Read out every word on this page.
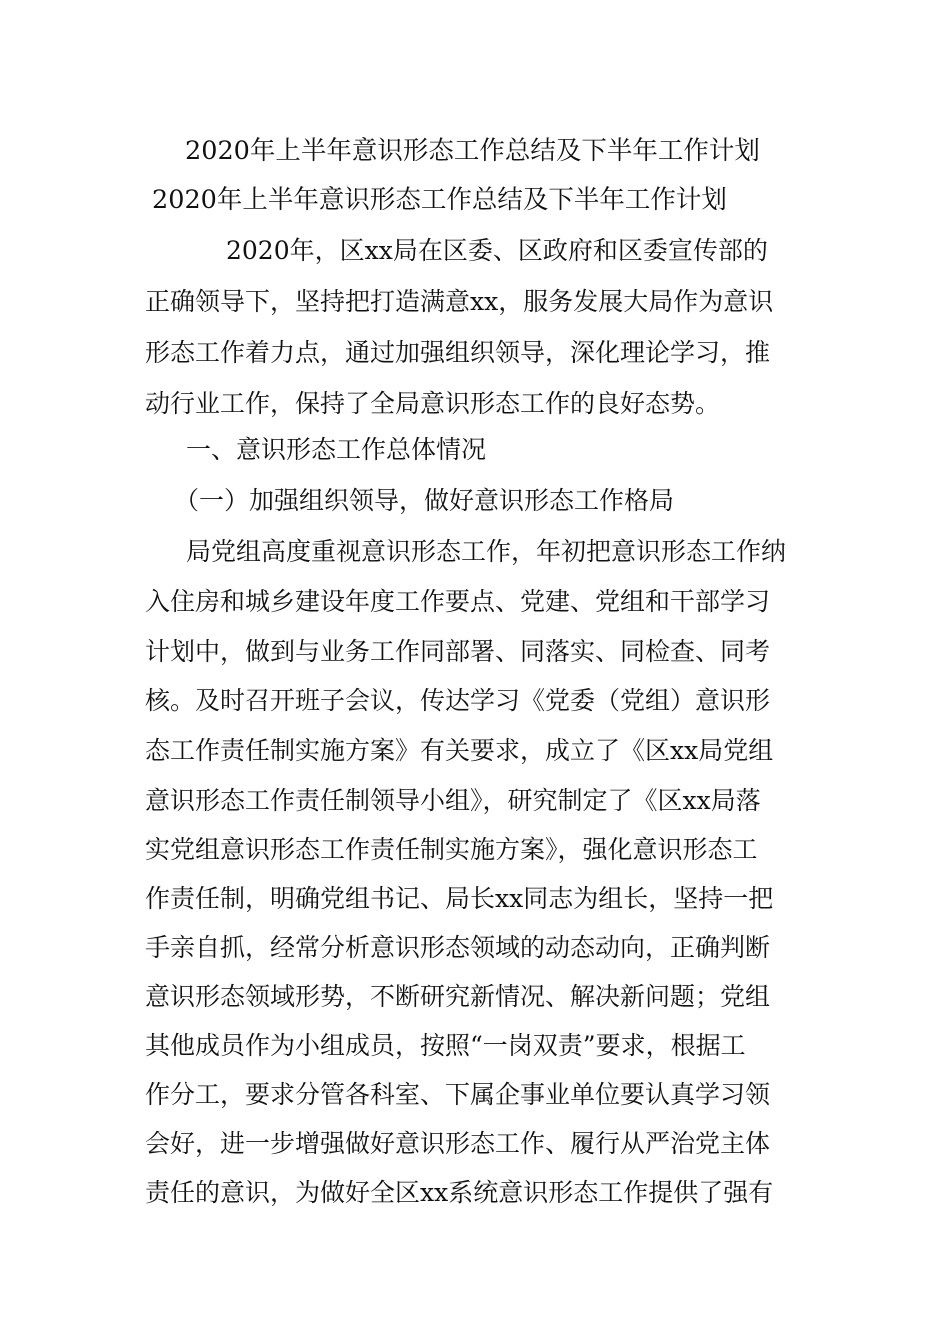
2020年上半年意识形态工作总结及下半年工作计划
2020年上半年意识形态工作总结及下半年工作计划
2020年，区xx局在区委、区政府和区委宣传部的
正确领导下，坚持把打造满意xx，服务发展大局作为意识
形态工作着力点，通过加强组织领导，深化理论学习，推
动行业工作，保持了全局意识形态工作的良好态势。
一、意识形态工作总体情况
（一）加强组织领导，做好意识形态工作格局
局党组高度重视意识形态工作，年初把意识形态工作纳
入住房和城乡建设年度工作要点、党建、党组和干部学习
计划中，做到与业务工作同部署、同落实、同检查、同考
核。及时召开班子会议，传达学习《党委（党组）意识形
态工作责任制实施方案》有关要求，成立了《区xx局党组
意识形态工作责任制领导小组》，研究制定了《区xx局落
实党组意识形态工作责任制实施方案》，强化意识形态工
作责任制，明确党组书记、局长xx同志为组长，坚持一把
手亲自抓，经常分析意识形态领域的动态动向，正确判断
意识形态领域形势，不断研究新情况、解决新问题；党组
其他成员作为小组成员，按照“一岗双责”要求，根据工
作分工，要求分管各科室、下属企事业单位要认真学习领
会好，进一步增强做好意识形态工作、履行从严治党主体
责任的意识，为做好全区xx系统意识形态工作提供了强有
